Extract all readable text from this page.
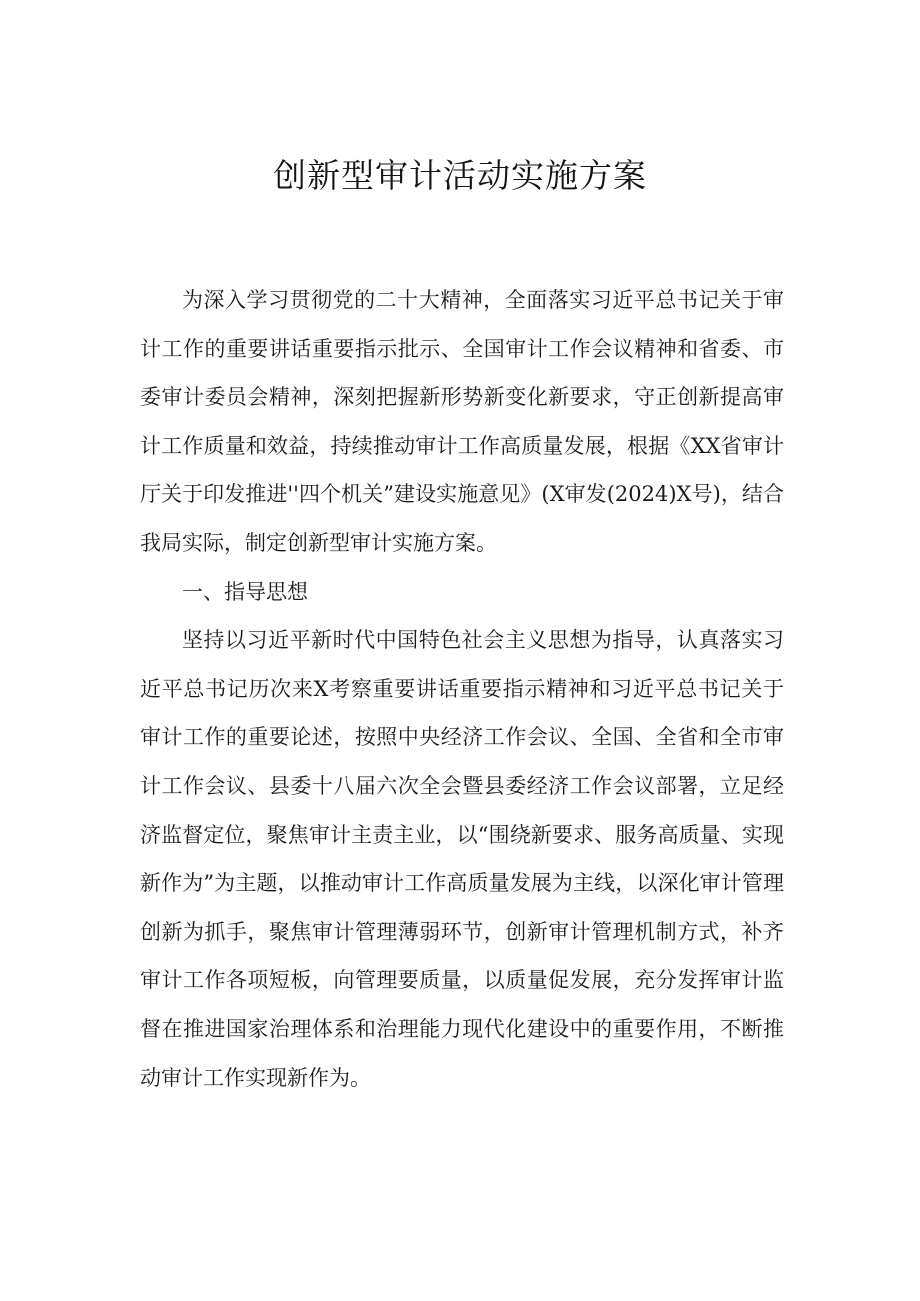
创新型审计活动实施方案

为深入学习贯彻党的二十大精神，全面落实习近平总书记关于审计工作的重要讲话重要指示批示、全国审计工作会议精神和省委、市委审计委员会精神，深刻把握新形势新变化新要求，守正创新提高审计工作质量和效益，持续推动审计工作高质量发展，根据《XX省审计厅关于印发推进''四个机关”建设实施意见》(X审发(2024)X号)，结合我局实际，制定创新型审计实施方案。

一、指导思想

坚持以习近平新时代中国特色社会主义思想为指导，认真落实习近平总书记历次来X考察重要讲话重要指示精神和习近平总书记关于审计工作的重要论述，按照中央经济工作会议、全国、全省和全市审计工作会议、县委十八届六次全会暨县委经济工作会议部署，立足经济监督定位，聚焦审计主责主业，以“围绕新要求、服务高质量、实现新作为”为主题，以推动审计工作高质量发展为主线，以深化审计管理创新为抓手，聚焦审计管理薄弱环节，创新审计管理机制方式，补齐审计工作各项短板，向管理要质量，以质量促发展，充分发挥审计监督在推进国家治理体系和治理能力现代化建设中的重要作用，不断推动审计工作实现新作为。
